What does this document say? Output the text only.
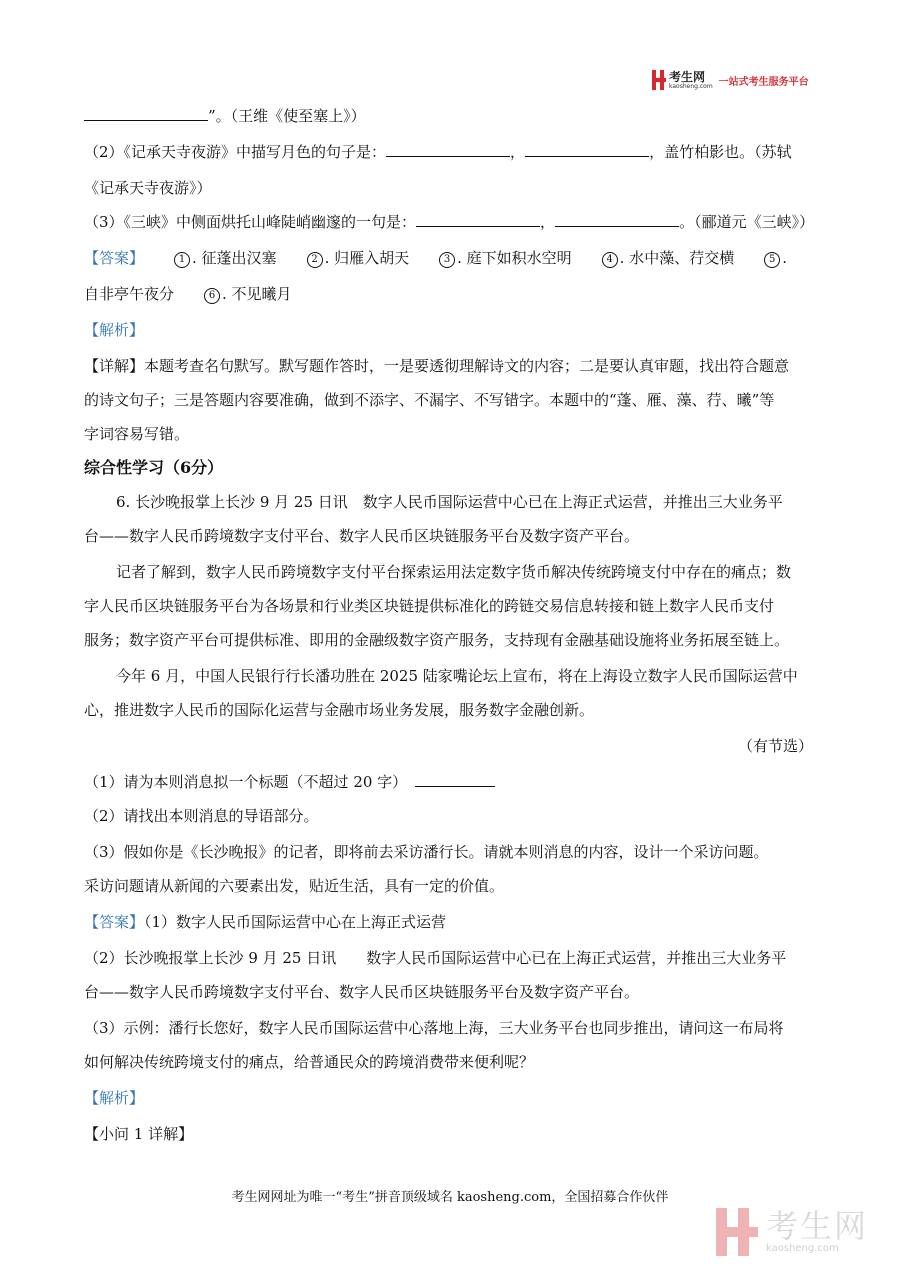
考生网
kaosheng.com 一站式考生服务平台
”。（王维《使至塞上》）
（2）《记承天寺夜游》中描写月色的句子是：	，	，盖竹柏影也。（苏轼
《记承天寺夜游》）
（3）《三峡》中侧面烘托山峰陡峭幽邃的一句是：	，	。（郦道元《三峡》）
【答案】	1 . 征蓬出汉塞	2 . 归雁入胡天	3 . 庭下如积水空明	4 . 水中藻、荇交横	5 .
自非亭午夜分	6 . 不见曦月
【解析】
【详解】本题考查名句默写。默写题作答时，一是要透彻理解诗文的内容；二是要认真审题，找出符合题意
的诗文句子；三是答题内容要准确，做到不添字、不漏字、不写错字。本题中的“蓬、雁、藻、荇、曦”等
字词容易写错。
综合性学习（6分）
6. 长沙晚报掌上长沙 9 月 25 日讯　数字人民币国际运营中心已在上海正式运营，并推出三大业务平
台——数字人民币跨境数字支付平台、数字人民币区块链服务平台及数字资产平台。
记者了解到，数字人民币跨境数字支付平台探索运用法定数字货币解决传统跨境支付中存在的痛点；数
字人民币区块链服务平台为各场景和行业类区块链提供标准化的跨链交易信息转接和链上数字人民币支付
服务；数字资产平台可提供标准、即用的金融级数字资产服务，支持现有金融基础设施将业务拓展至链上。
今年 6 月，中国人民银行行长潘功胜在 2025 陆家嘴论坛上宣布，将在上海设立数字人民币国际运营中
心，推进数字人民币的国际化运营与金融市场业务发展，服务数字金融创新。
（有节选）
（1）请为本则消息拟一个标题（不超过 20 字）
（2）请找出本则消息的导语部分。
（3）假如你是《长沙晚报》的记者，即将前去采访潘行长。请就本则消息的内容，设计一个采访问题。
采访问题请从新闻的六要素出发，贴近生活，具有一定的价值。
【答案】（1）数字人民币国际运营中心在上海正式运营
（2）长沙晚报掌上长沙 9 月 25 日讯　　数字人民币国际运营中心已在上海正式运营，并推出三大业务平
台——数字人民币跨境数字支付平台、数字人民币区块链服务平台及数字资产平台。
（3）示例：潘行长您好，数字人民币国际运营中心落地上海，三大业务平台也同步推出，请问这一布局将
如何解决传统跨境支付的痛点，给普通民众的跨境消费带来便利呢？
【解析】
【小问 1 详解】
考生网网址为唯一“考生”拼音顶级域名 kaosheng.com，全国招募合作伙伴
考生网
kaosheng.com
